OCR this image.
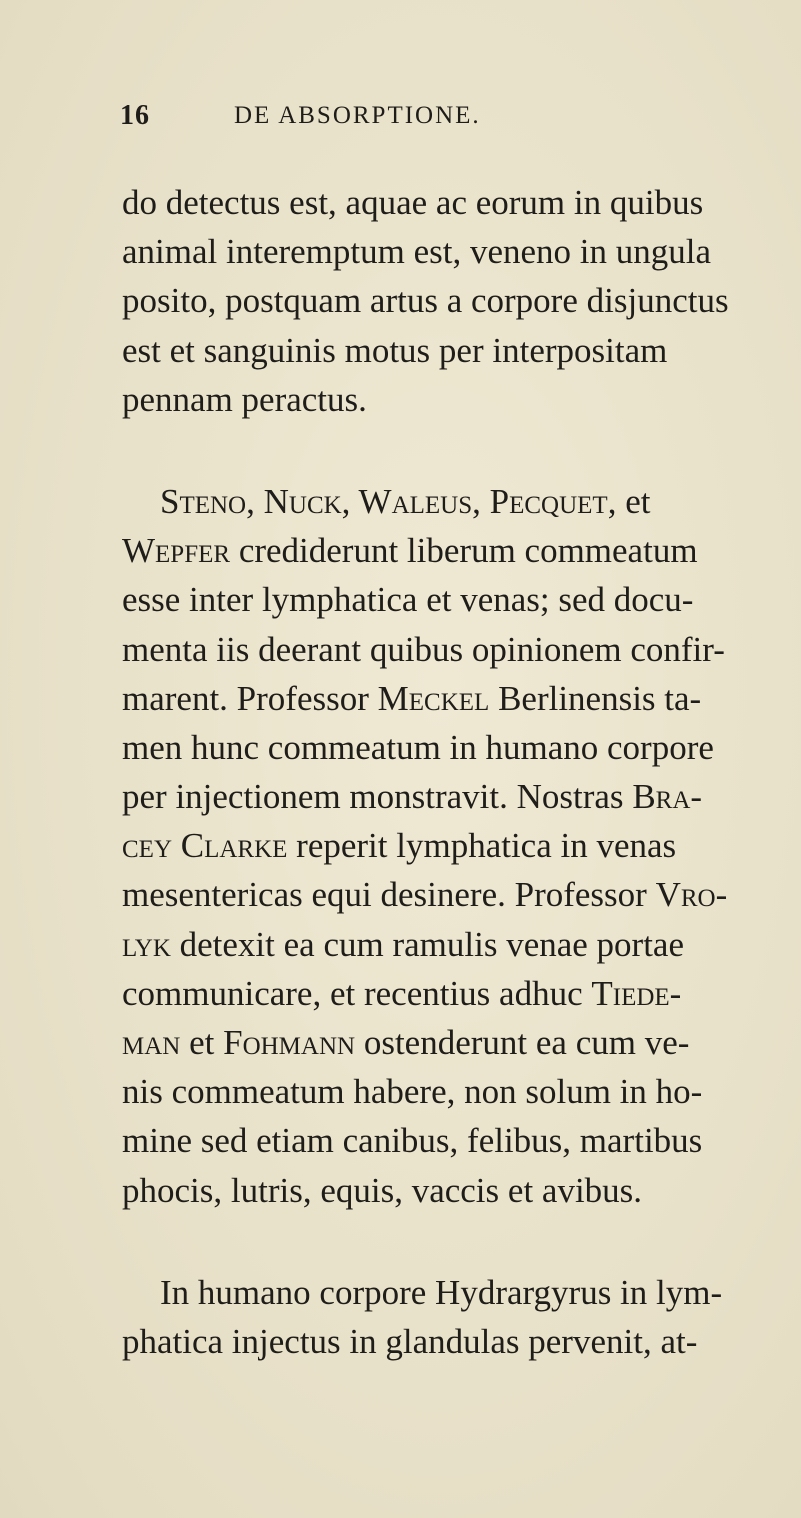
16	DE ABSORPTIONE.
do detectus est, aquae ac eorum in quibus
animal interemptum est, veneno in ungula
posito, postquam artus a corpore disjunctus
est et sanguinis motus per interpositam
pennam peractus.
Steno, Nuck, Waleus, Pecquet, et
Wepfer crediderunt liberum commeatum
esse inter lymphatica et venas; sed docu-
menta iis deerant quibus opinionem confir-
marent. Professor Meckel Berlinensis ta-
men hunc commeatum in humano corpore
per injectionem monstravit. Nostras Bra-
cey Clarke reperit lymphatica in venas
mesentericas equi desinere. Professor Vro-
lyk detexit ea cum ramulis venae portae
communicare, et recentius adhuc Tiede-
man et Fohmann ostenderunt ea cum ve-
nis commeatum habere, non solum in ho-
mine sed etiam canibus, felibus, martibus
phocis, lutris, equis, vaccis et avibus.
In humano corpore Hydrargyrus in lym-
phatica injectus in glandulas pervenit, at-
